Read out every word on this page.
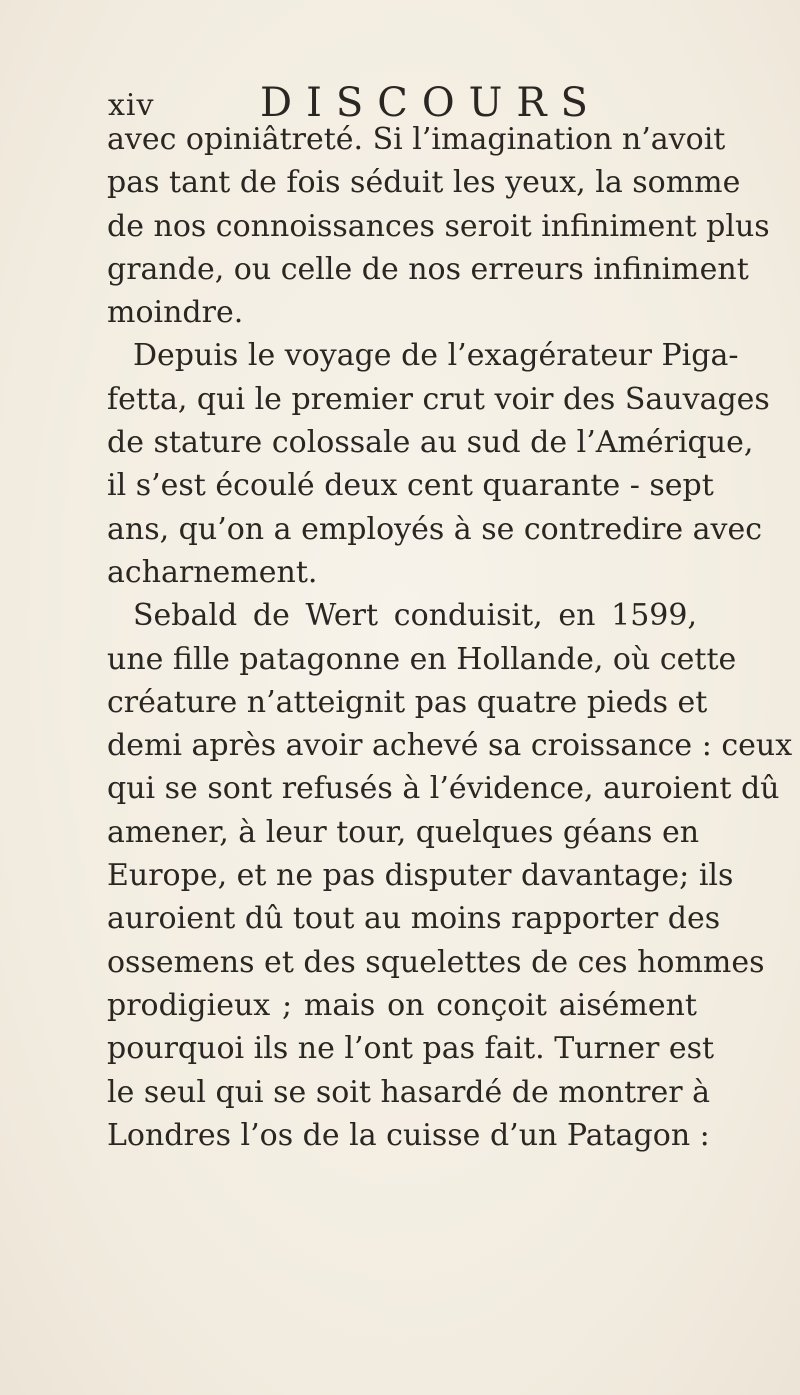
xiv	DISCOURS
avec opiniâtreté. Si l’imagination n’avoit
pas tant de fois séduit les yeux, la somme
de nos connoissances seroit infiniment plus
grande, ou celle de nos erreurs infiniment
moindre.
Depuis le voyage de l’exagérateur Piga-
fetta, qui le premier crut voir des Sauvages
de stature colossale au sud de l’Amérique,
il s’est écoulé deux cent quarante - sept
ans, qu’on a employés à se contredire avec
acharnement.
Sebald de Wert conduisit, en 1599,
une fille patagonne en Hollande, où cette
créature n’atteignit pas quatre pieds et
demi après avoir achevé sa croissance : ceux
qui se sont refusés à l’évidence, auroient dû
amener, à leur tour, quelques géans en
Europe, et ne pas disputer davantage; ils
auroient dû tout au moins rapporter des
ossemens et des squelettes de ces hommes
prodigieux ; mais on conçoit aisément
pourquoi ils ne l’ont pas fait. Turner est
le seul qui se soit hasardé de montrer à
Londres l’os de la cuisse d’un Patagon :
